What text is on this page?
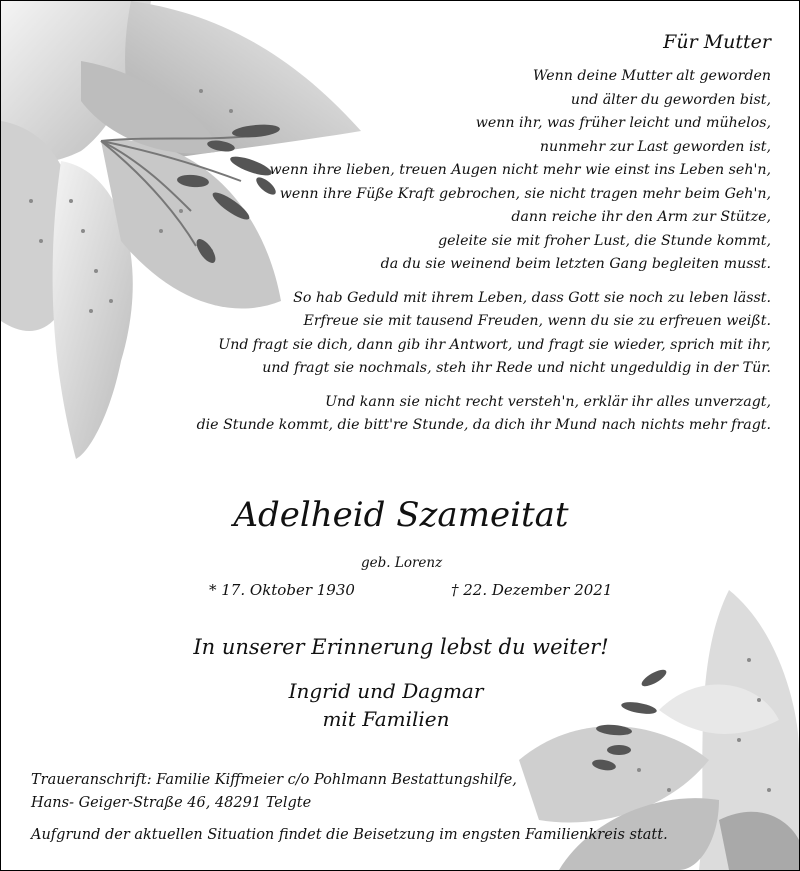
Für Mutter
Wenn deine Mutter alt geworden
und älter du geworden bist,
wenn ihr, was früher leicht und mühelos,
nunmehr zur Last geworden ist,
wenn ihre lieben, treuen Augen nicht mehr wie einst ins Leben seh'n,
wenn ihre Füße Kraft gebrochen, sie nicht tragen mehr beim Geh'n,
dann reiche ihr den Arm zur Stütze,
geleite sie mit froher Lust, die Stunde kommt,
da du sie weinend beim letzten Gang begleiten musst.
So hab Geduld mit ihrem Leben, dass Gott sie noch zu leben lässt.
Erfreue sie mit tausend Freuden, wenn du sie zu erfreuen weißt.
Und fragt sie dich, dann gib ihr Antwort, und fragt sie wieder, sprich mit ihr,
und fragt sie nochmals, steh ihr Rede und nicht ungeduldig in der Tür.
Und kann sie nicht recht versteh'n, erklär ihr alles unverzagt,
die Stunde kommt, die bitt're Stunde, da dich ihr Mund nach nichts mehr fragt.
Adelheid Szameitat
geb. Lorenz
* 17. Oktober 1930	† 22. Dezember 2021
In unserer Erinnerung lebst du weiter!
Ingrid und Dagmar
mit Familien
Traueranschrift: Familie Kiffmeier c/o Pohlmann Bestattungshilfe,
Hans- Geiger-Straße 46, 48291 Telgte
Aufgrund der aktuellen Situation findet die Beisetzung im engsten Familienkreis statt.
